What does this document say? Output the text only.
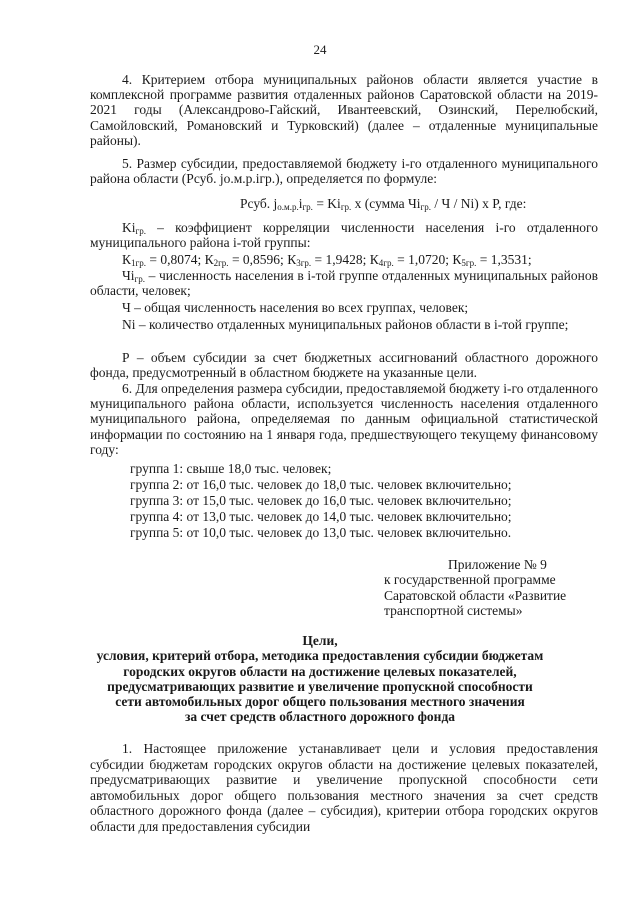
24
4. Критерием отбора муниципальных районов области является участие в комплексной программе развития отдаленных районов Саратовской области на 2019-2021 годы (Александрово-Гайский, Ивантеевский, Озинский, Перелюбский, Самойловский, Романовский и Турковский) (далее – отдаленные муниципальные районы).
5. Размер субсидии, предоставляемой бюджету i-го отдаленного муниципального района области (Рсуб. jо.м.р.iгр.), определяется по формуле:
Рсуб. $j_{о.м.р.}i_{гр.} = Ki_{гр.}$ х (сумма $Чi_{гр.}$ / Ч / Ni) х Р, где:
$Ki_{гр.}$ – коэффициент корреляции численности населения i-го отдаленного муниципального района i-той группы:
$К_{1гр.} = 0,8074$; $К_{2гр.} = 0,8596$; $К_{3гр.} = 1,9428$; $К_{4гр.} = 1,0720$; $К_{5гр.} = 1,3531$;
$Чi_{гр.}$ – численность населения в i-той группе отдаленных муниципальных районов области, человек;
Ч – общая численность населения во всех группах, человек;
Ni – количество отдаленных муниципальных районов области в i-той группе;
Р – объем субсидии за счет бюджетных ассигнований областного дорожного фонда, предусмотренный в областном бюджете на указанные цели.
6. Для определения размера субсидии, предоставляемой бюджету i-го отдаленного муниципального района области, используется численность населения отдаленного муниципального района, определяемая по данным официальной статистической информации по состоянию на 1 января года, предшествующего текущему финансовому году:
группа 1: свыше 18,0 тыс. человек;
группа 2: от 16,0 тыс. человек до 18,0 тыс. человек включительно;
группа 3: от 15,0 тыс. человек до 16,0 тыс. человек включительно;
группа 4: от 13,0 тыс. человек до 14,0 тыс. человек включительно;
группа 5: от 10,0 тыс. человек до 13,0 тыс. человек включительно.
Приложение № 9
к государственной программе
Саратовской области «Развитие
транспортной системы»
Цели,
условия, критерий отбора, методика предоставления субсидии бюджетам
городских округов области на достижение целевых показателей,
предусматривающих развитие и увеличение пропускной способности
сети автомобильных дорог общего пользования местного значения
за счет средств областного дорожного фонда
1. Настоящее приложение устанавливает цели и условия предоставления субсидии бюджетам городских округов области на достижение целевых показателей, предусматривающих развитие и увеличение пропускной способности сети автомобильных дорог общего пользования местного значения за счет средств областного дорожного фонда (далее – субсидия), критерии отбора городских округов области для предоставления субсидии
